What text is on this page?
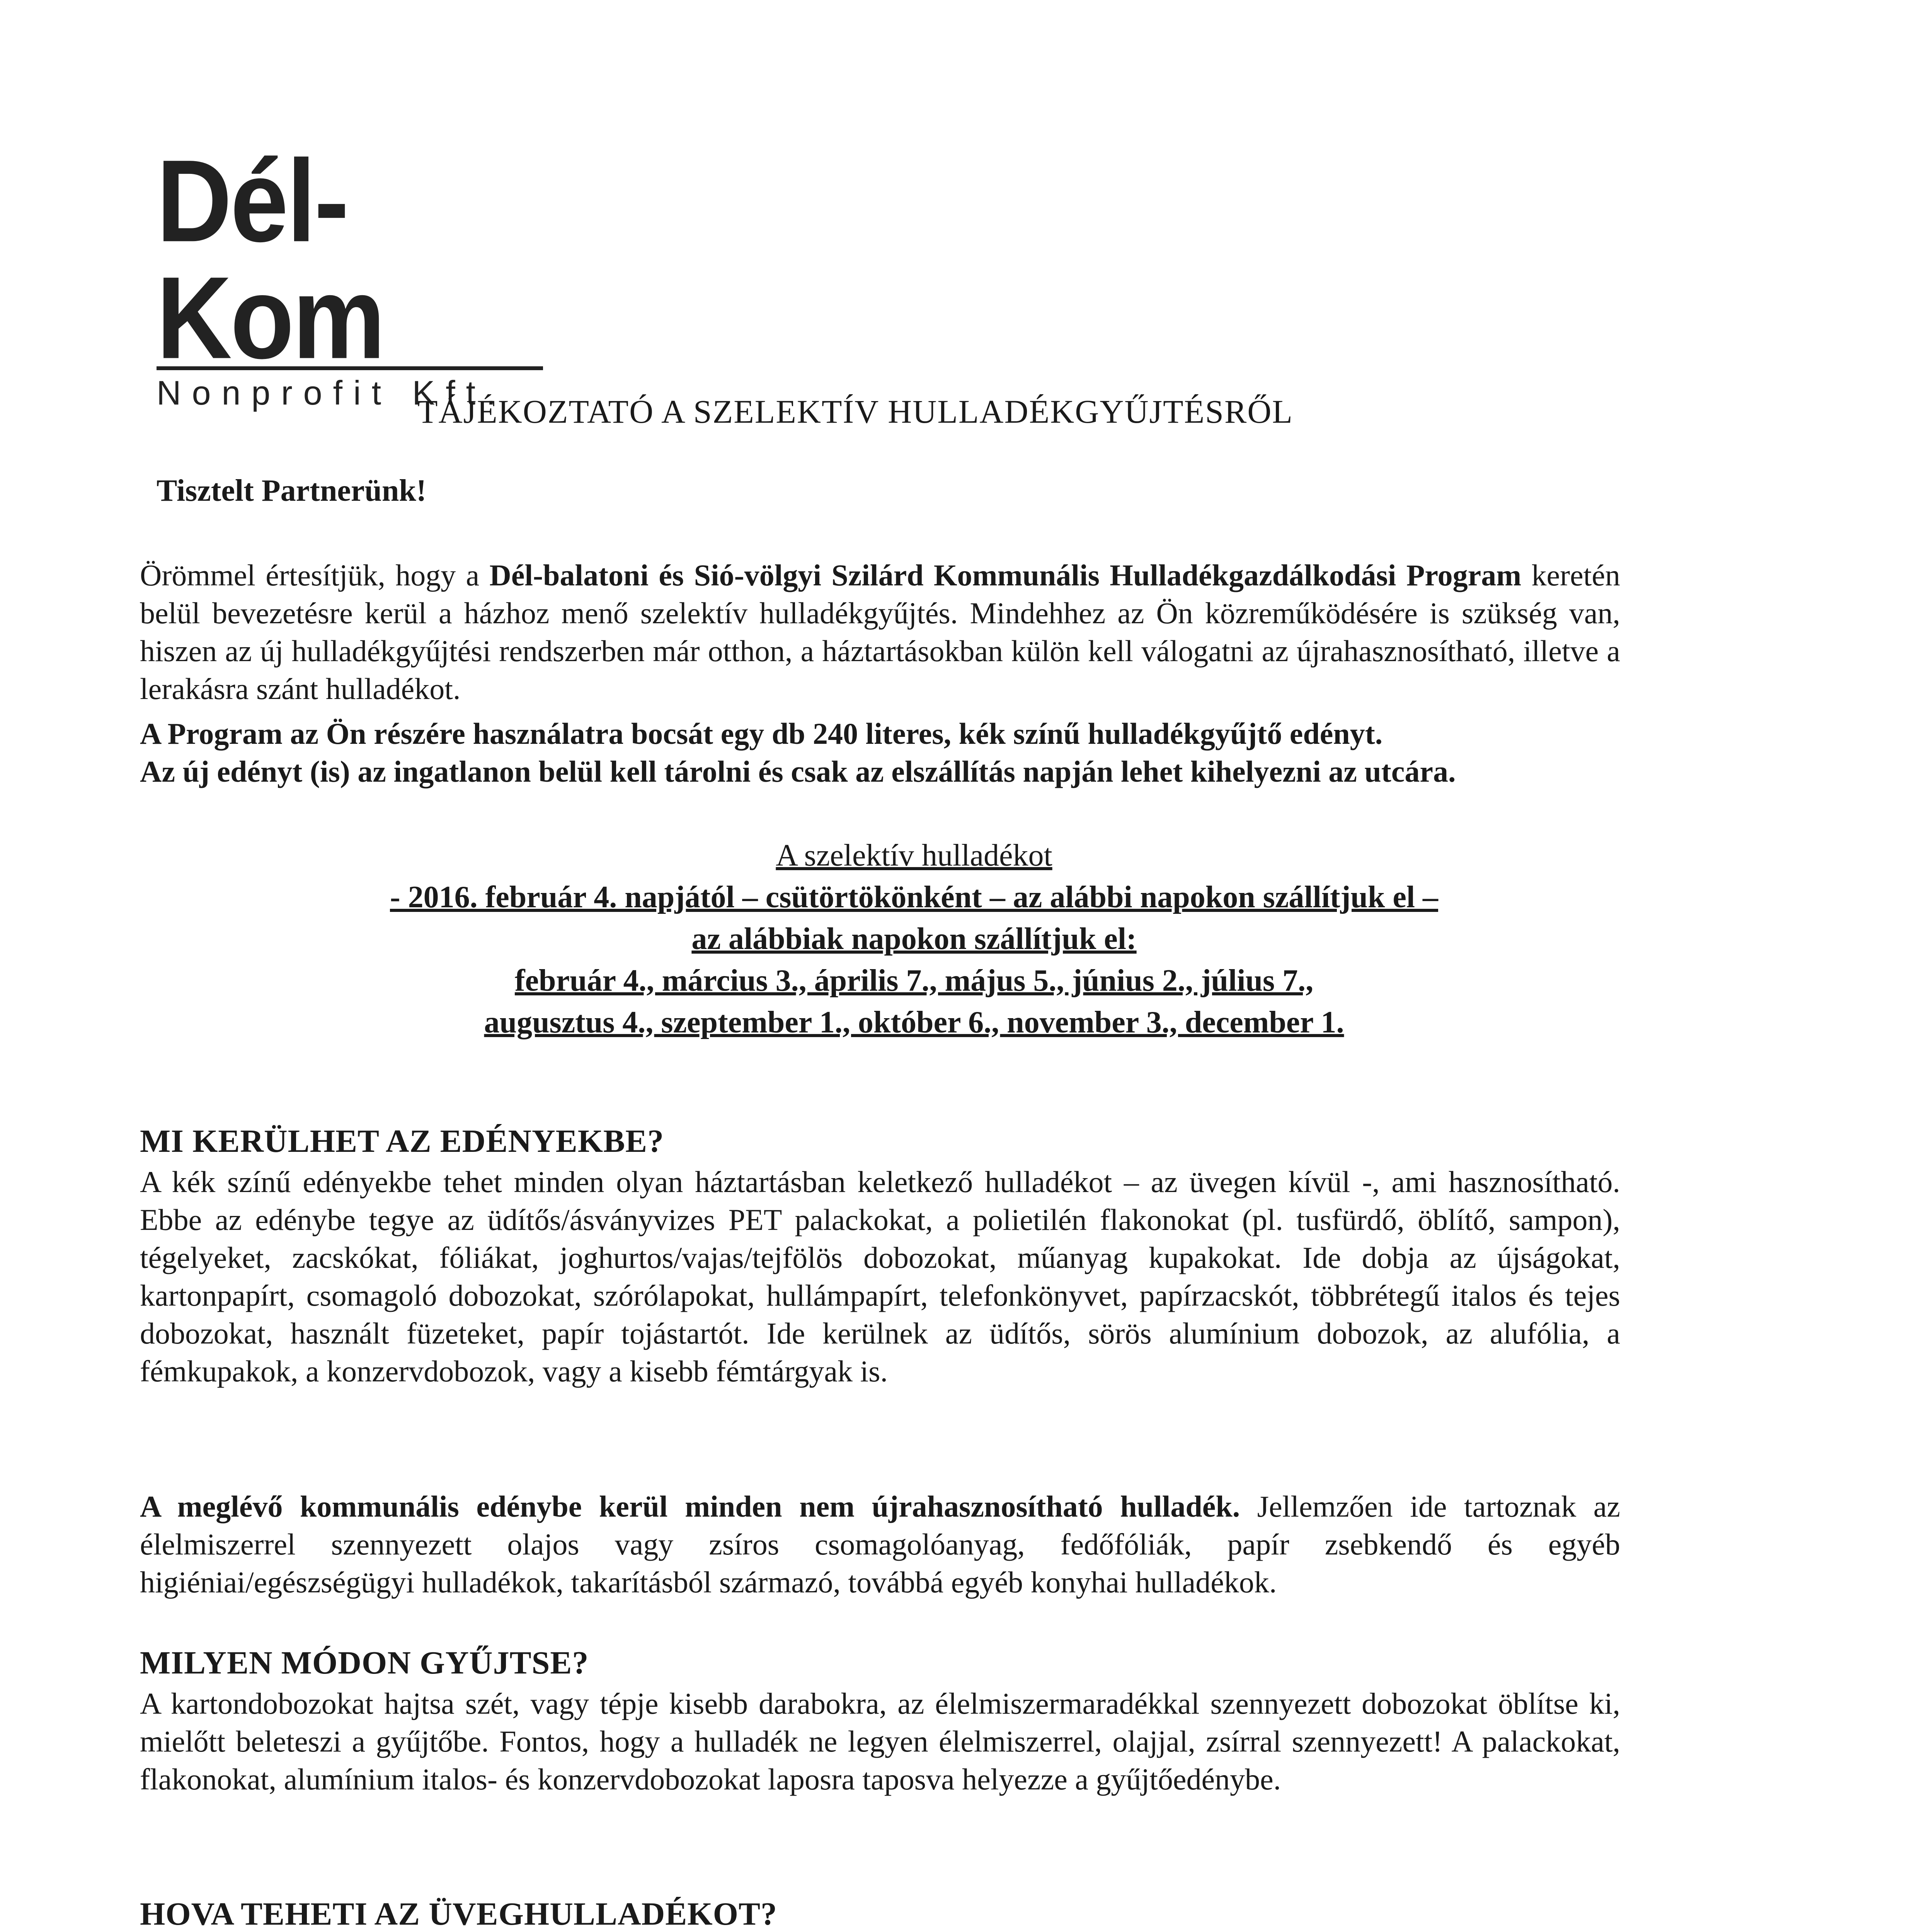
Dél-Kom
Nonprofit Kft.
TÁJÉKOZTATÓ A SZELEKTÍV HULLADÉKGYŰJTÉSRŐL
Tisztelt Partnerünk!

Örömmel értesítjük, hogy a Dél-balatoni és Sió-völgyi Szilárd Kommunális Hulladékgazdálkodási Program keretén belül bevezetésre kerül a házhoz menő szelektív hulladékgyűjtés. Mindehhez az Ön közreműködésére is szükség van, hiszen az új hulladékgyűjtési rendszerben már otthon, a háztartásokban külön kell válogatni az újrahasznosítható, illetve a lerakásra szánt hulladékot.

A Program az Ön részére használatra bocsát egy db 240 literes, kék színű hulladékgyűjtő edényt.

Az új edényt (is) az ingatlanon belül kell tárolni és csak az elszállítás napján lehet kihelyezni az utcára.

A szelektív hulladékot
- 2016. február 4. napjától – csütörtökönként – az alábbi napokon szállítjuk el –
az alábbiak napokon szállítjuk el:
február 4., március 3., április 7., május 5., június 2., július 7.,
augusztus 4., szeptember 1., október 6., november 3., december 1.
MI KERÜLHET AZ EDÉNYEKBE?

A kék színű edényekbe tehet minden olyan háztartásban keletkező hulladékot – az üvegen kívül -, ami hasznosítható. Ebbe az edénybe tegye az üdítős/ásványvizes PET palackokat, a polietilén flakonokat (pl. tusfürdő, öblítő, sampon), tégelyeket, zacskókat, fóliákat, joghurtos/vajas/tejfölös dobozokat, műanyag kupakokat. Ide dobja az újságokat, kartonpapírt, csomagoló dobozokat, szórólapokat, hullámpapírt, telefonkönyvet, papírzacskót, többrétegű italos és tejes dobozokat, használt füzeteket, papír tojástartót. Ide kerülnek az üdítős, sörös alumínium dobozok, az alufólia, a fémkupakok, a konzervdobozok, vagy a kisebb fémtárgyak is.

A meglévő kommunális edénybe kerül minden nem újrahasznosítható hulladék. Jellemzően ide tartoznak az élelmiszerrel szennyezett olajos vagy zsíros csomagolóanyag, fedőfóliák, papír zsebkendő és egyéb higiéniai/egészségügyi hulladékok, takarításból származó, továbbá egyéb konyhai hulladékok.

MILYEN MÓDON GYŰJTSE?

A kartondobozokat hajtsa szét, vagy tépje kisebb darabokra, az élelmiszermaradékkal szennyezett dobozokat öblítse ki, mielőtt beleteszi a gyűjtőbe. Fontos, hogy a hulladék ne legyen élelmiszerrel, olajjal, zsírral szennyezett! A palackokat, flakonokat, alumínium italos- és konzervdobozokat laposra taposva helyezze a gyűjtőedénybe.

HOVA TEHETI AZ ÜVEGHULLADÉKOT?
